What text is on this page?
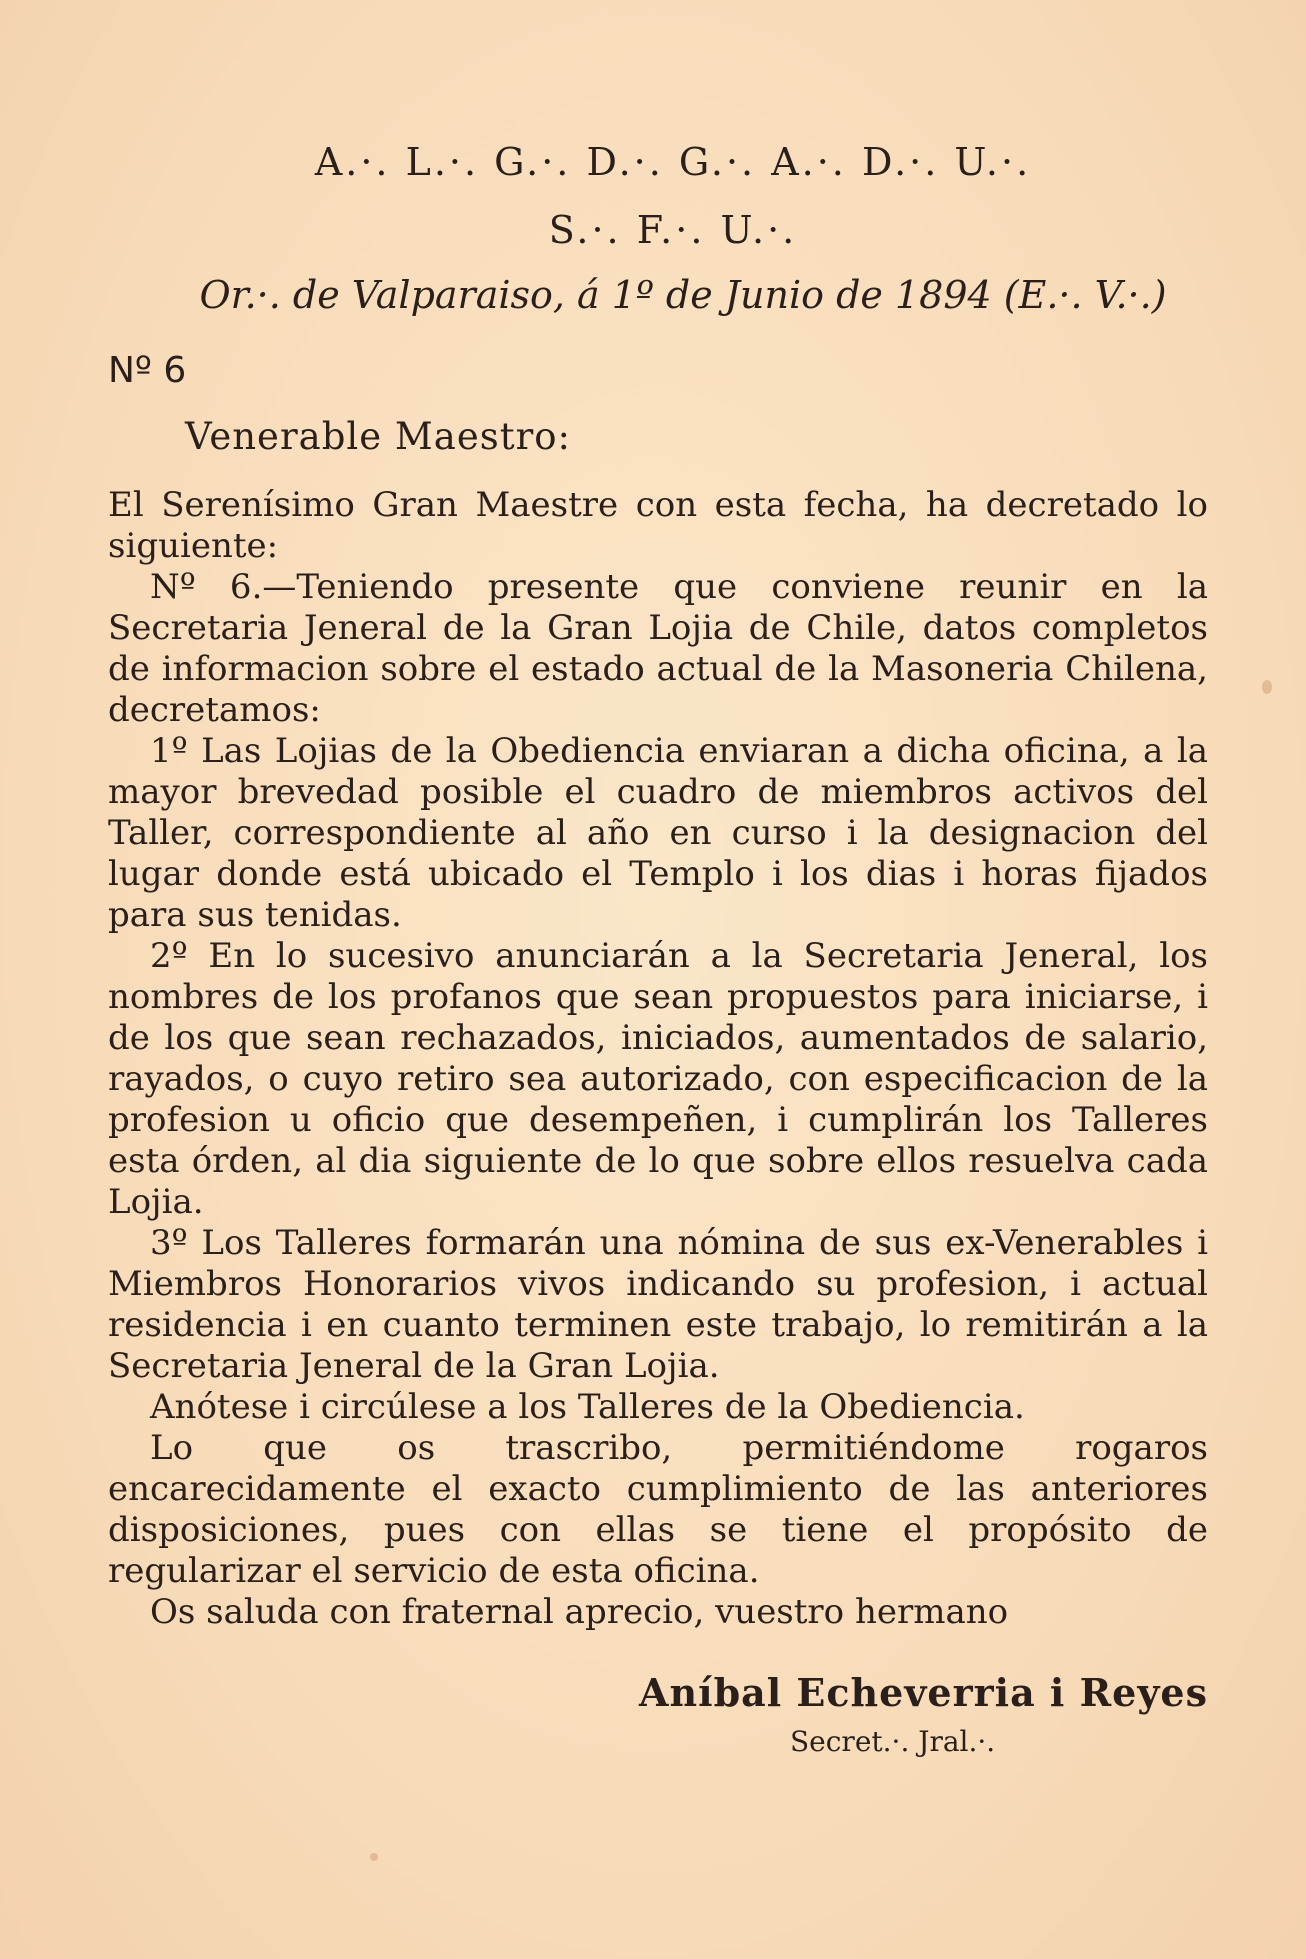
A.·. L.·. G.·. D.·. G.·. A.·. D.·. U.·.
S.·. F.·. U.·.
Or.·. de Valparaiso, á 1º de Junio de 1894 (E.·. V.·.)
Nº 6
Venerable Maestro:

El Serenísimo Gran Maestre con esta fecha, ha decretado lo siguiente:

Nº 6.—Teniendo presente que conviene reunir en la Secretaria Jeneral de la Gran Lojia de Chile, datos completos de informacion sobre el estado actual de la Masoneria Chilena, decretamos:

1º Las Lojias de la Obediencia enviaran a dicha oficina, a la mayor brevedad posible el cuadro de miembros activos del Taller, correspondiente al año en curso i la designacion del lugar donde está ubicado el Templo i los dias i horas fijados para sus tenidas.

2º En lo sucesivo anunciarán a la Secretaria Jeneral, los nombres de los profanos que sean propuestos para iniciarse, i de los que sean rechazados, iniciados, aumentados de salario, rayados, o cuyo retiro sea autorizado, con especificacion de la profesion u oficio que desempeñen, i cumplirán los Talleres esta órden, al dia siguiente de lo que sobre ellos resuelva cada Lojia.

3º Los Talleres formarán una nómina de sus ex-Venerables i Miembros Honorarios vivos indicando su profesion, i actual residencia i en cuanto terminen este trabajo, lo remitirán a la Secretaria Jeneral de la Gran Lojia.

Anótese i circúlese a los Talleres de la Obediencia.

Lo que os trascribo, permitiéndome rogaros encarecidamente el exacto cumplimiento de las anteriores disposiciones, pues con ellas se tiene el propósito de regularizar el servicio de esta oficina.

Os saluda con fraternal aprecio, vuestro hermano

Aníbal Echeverria i Reyes
Secret.·. Jral.·.
